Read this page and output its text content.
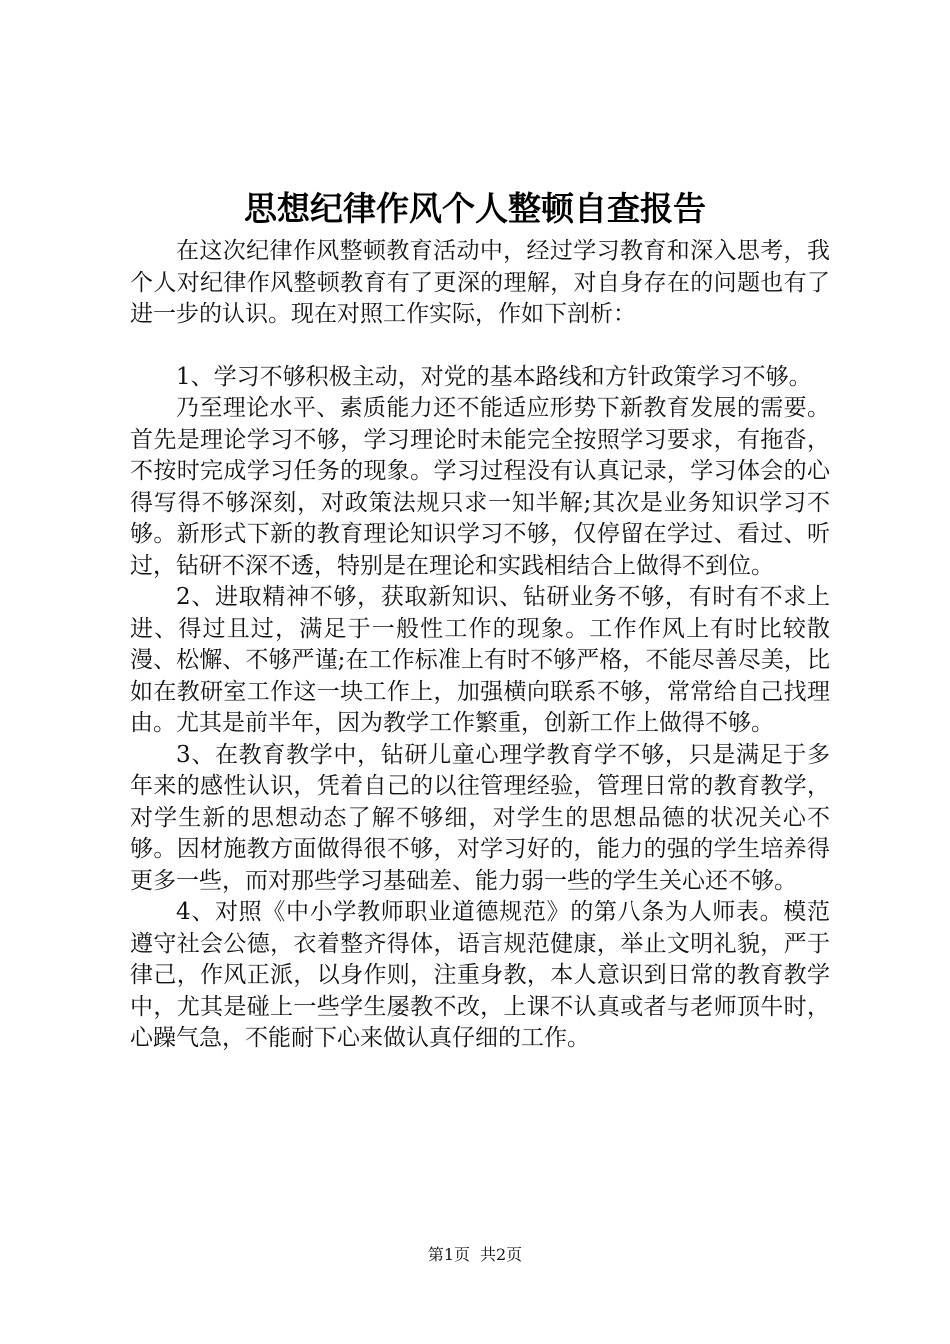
思想纪律作风个人整顿自查报告

在这次纪律作风整顿教育活动中，经过学习教育和深入思考，我个人对纪律作风整顿教育有了更深的理解，对自身存在的问题也有了进一步的认识。现在对照工作实际，作如下剖析：

1、学习不够积极主动，对党的基本路线和方针政策学习不够。

乃至理论水平、素质能力还不能适应形势下新教育发展的需要。首先是理论学习不够，学习理论时未能完全按照学习要求，有拖沓，不按时完成学习任务的现象。学习过程没有认真记录，学习体会的心得写得不够深刻，对政策法规只求一知半解;其次是业务知识学习不够。新形式下新的教育理论知识学习不够，仅停留在学过、看过、听过，钻研不深不透，特别是在理论和实践相结合上做得不到位。

2、进取精神不够，获取新知识、钻研业务不够，有时有不求上进、得过且过，满足于一般性工作的现象。工作作风上有时比较散漫、松懈、不够严谨;在工作标准上有时不够严格，不能尽善尽美，比如在教研室工作这一块工作上，加强横向联系不够，常常给自己找理由。尤其是前半年，因为教学工作繁重，创新工作上做得不够。

3、在教育教学中，钻研儿童心理学教育学不够，只是满足于多年来的感性认识，凭着自己的以往管理经验，管理日常的教育教学，对学生新的思想动态了解不够细，对学生的思想品德的状况关心不够。因材施教方面做得很不够，对学习好的，能力的强的学生培养得更多一些，而对那些学习基础差、能力弱一些的学生关心还不够。

4、对照《中小学教师职业道德规范》的第八条为人师表。模范遵守社会公德，衣着整齐得体，语言规范健康，举止文明礼貌，严于律己，作风正派，以身作则，注重身教，本人意识到日常的教育教学中，尤其是碰上一些学生屡教不改，上课不认真或者与老师顶牛时，心躁气急，不能耐下心来做认真仔细的工作。

第1页 共2页
